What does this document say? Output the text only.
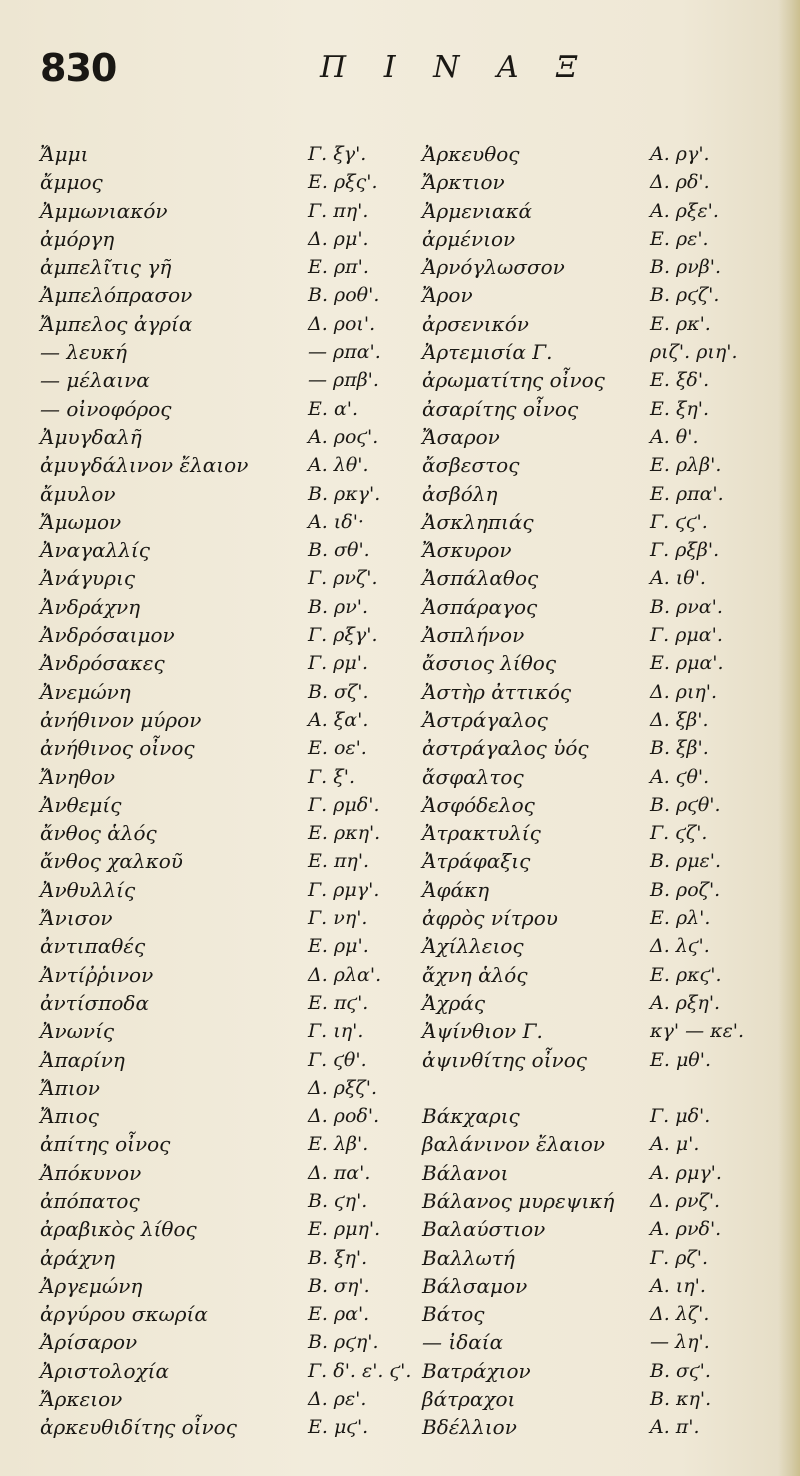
830	Π Ι Ν Α Ξ
Ἄμμι	Γ. ξγ'.
ἄμμος	Ε. ρξς'.
Ἀμμωνιακόν	Γ. πη'.
ἀμόργη	Δ. ρμ'.
ἀμπελῖτις γῆ	Ε. ρπ'.
Ἀμπελόπρασον	Β. ροθ'.
Ἄμπελος ἀγρία	Δ. ροι'.
— λευκή	— ρπα'.
— μέλαινα	— ρπβ'.
— οἰνοφόρος	Ε. α'.
Ἀμυγδαλῆ	Α. ροϛ'.
ἀμυγδάλινον ἔλαιον	Α. λθ'.
ἄμυλον	Β. ρκγ'.
Ἄμωμον	Α. ιδ'·
Ἀναγαλλίς	Β. σθ'.
Ἀνάγυρις	Γ. ρνζ'.
Ἀνδράχνη	Β. ρν'.
Ἀνδρόσαιμον	Γ. ρξγ'.
Ἀνδρόσακες	Γ. ρμ'.
Ἀνεμώνη	Β. σζ'.
ἀνήθινον μύρον	Α. ξα'.
ἀνήθινος οἶνος	Ε. οε'.
Ἄνηθον	Γ. ξ'.
Ἀνθεμίς	Γ. ρμδ'.
ἄνθος ἁλός	Ε. ρκη'.
ἄνθος χαλκοῦ	Ε. πη'.
Ἀνθυλλίς	Γ. ρμγ'.
Ἄνισον	Γ. νη'.
ἀντιπαθές	Ε. ρμ'.
Ἀντίῤῥινον	Δ. ρλα'.
ἀντίσποδα	Ε. πϛ'.
Ἀνωνίς	Γ. ιη'.
Ἀπαρίνη	Γ. ϛθ'.
Ἄπιον	Δ. ρξζ'.
Ἄπιος	Δ. ροδ'.
ἀπίτης οἶνος	Ε. λβ'.
Ἀπόκυνον	Δ. πα'.
ἀπόπατος	Β. ϛη'.
ἀραβικὸς λίθος	Ε. ρμη'.
ἀράχνη	Β. ξη'.
Ἀργεμώνη	Β. ση'.
ἀργύρου σκωρία	Ε. ρα'.
Ἀρίσαρον	Β. ρϛη'.
Ἀριστολοχία	Γ. δ'. ε'. ϛ'.
Ἄρκειον	Δ. ρε'.
ἀρκευθιδίτης οἶνος	Ε. μϛ'.
Ἀρκευθος	Α. ργ'.
Ἄρκτιον	Δ. ρδ'.
Ἀρμενιακά	Α. ρξε'.
ἀρμένιον	Ε. ρε'.
Ἀρνόγλωσσον	Β. ρνβ'.
Ἄρον	Β. ρϛζ'.
ἀρσενικόν	Ε. ρκ'.
Ἀρτεμισία Γ.	ριζ'. ριη'.
ἀρωματίτης οἶνος Ε. ξδ'.
ἀσαρίτης οἶνος	Ε. ξη'.
Ἄσαρον	Α. θ'.
ἄσβεστος	Ε. ρλβ'.
ἀσβόλη	Ε. ρπα'.
Ἀσκληπιάς	Γ. ϛϛ'.
Ἄσκυρον	Γ. ρξβ'.
Ἀσπάλαθος	Α. ιθ'.
Ἀσπάραγος	Β. ρνα'.
Ἀσπλήνον	Γ. ρμα'.
ἄσσιος λίθος	Ε. ρμα'.
Ἀστὴρ ἀττικός	Δ. ριη'.
Ἀστράγαλος	Δ. ξβ'.
ἀστράγαλος ὑός	Β. ξβ'.
ἄσφαλτος	Α. ϛθ'.
Ἀσφόδελος	Β. ρϛθ'.
Ἀτρακτυλίς	Γ. ϛζ'.
Ἀτράφαξις	Β. ρμε'.
Ἀφάκη	Β. ροζ'.
ἀφρὸς νίτρου	Ε. ρλ'.
Ἀχίλλειος	Δ. λϛ'.
ἄχνη ἁλός	Ε. ρκϛ'.
Ἀχράς	Α. ρξη'.
Ἀψίνθιον Γ.	κγ' — κε'.
ἀψινθίτης οἶνος	Ε. μθ'.
Βάκχαρις	Γ. μδ'.
βαλάνινον ἔλαιον Α. μ'.
Βάλανοι	Α. ρμγ'.
Βάλανος μυρεψική Δ. ρνζ'.
Βαλαύστιον	Α. ρνδ'.
Βαλλωτή	Γ. ρζ'.
Βάλσαμον	Α. ιη'.
Βάτος	Δ. λζ'.
— ἰδαία	— λη'.
Βατράχιον	Β. σϛ'.
βάτραχοι	Β. κη'.
Βδέλλιον	Α. π'.
